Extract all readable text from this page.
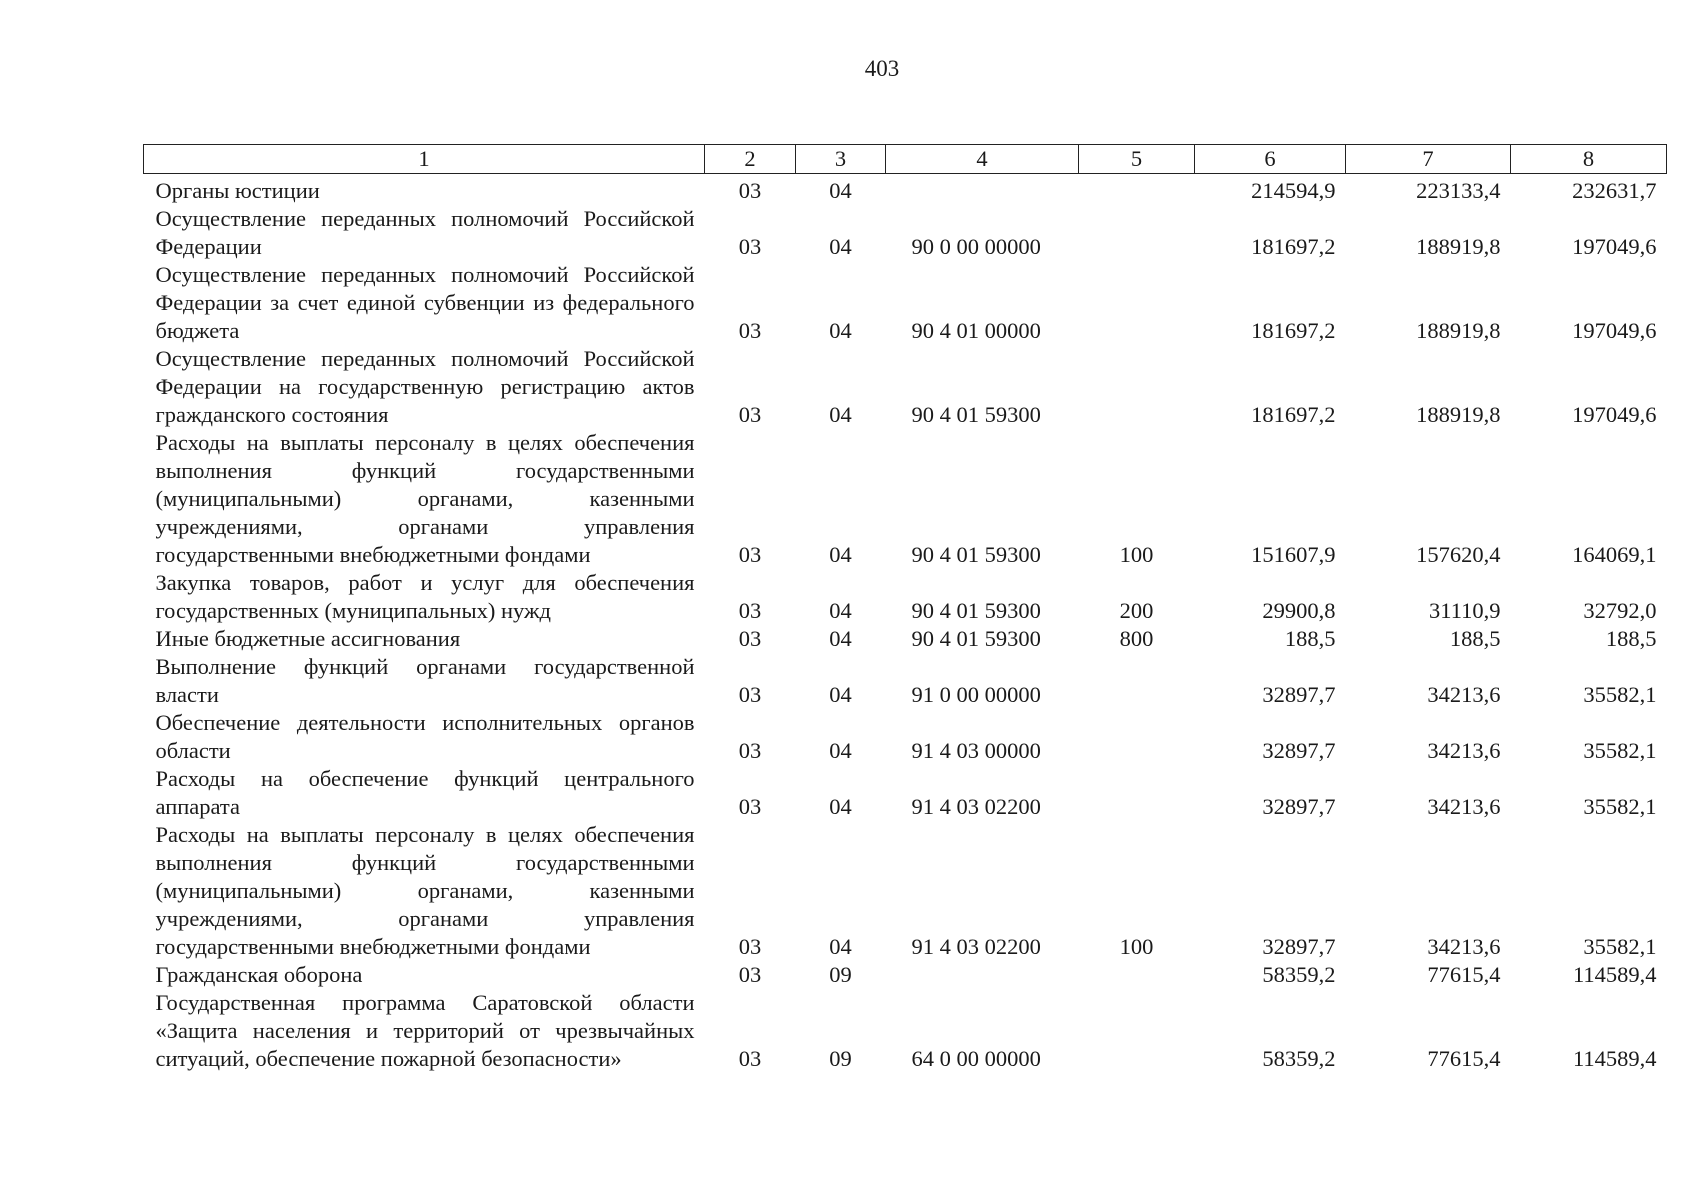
403
1	2	3	4	5	6	7	8
Органы юстиции	03	04			214594,9	223133,4	232631,7
Осуществление переданных полномочий Российской Федерации	03	04	90 0 00 00000		181697,2	188919,8	197049,6
Осуществление переданных полномочий Российской Федерации за счет единой субвенции из федерального бюджета	03	04	90 4 01 00000		181697,2	188919,8	197049,6
Осуществление переданных полномочий Российской Федерации на государственную регистрацию актов гражданского состояния	03	04	90 4 01 59300		181697,2	188919,8	197049,6
Расходы на выплаты персоналу в целях обеспечения выполнения функций государственными (муниципальными) органами, казенными учреждениями, органами управления государственными внебюджетными фондами	03	04	90 4 01 59300	100	151607,9	157620,4	164069,1
Закупка товаров, работ и услуг для обеспечения государственных (муниципальных) нужд	03	04	90 4 01 59300	200	29900,8	31110,9	32792,0
Иные бюджетные ассигнования	03	04	90 4 01 59300	800	188,5	188,5	188,5
Выполнение функций органами государственной власти	03	04	91 0 00 00000		32897,7	34213,6	35582,1
Обеспечение деятельности исполнительных органов области	03	04	91 4 03 00000		32897,7	34213,6	35582,1
Расходы на обеспечение функций центрального аппарата	03	04	91 4 03 02200		32897,7	34213,6	35582,1
Расходы на выплаты персоналу в целях обеспечения выполнения функций государственными (муниципальными) органами, казенными учреждениями, органами управления государственными внебюджетными фондами	03	04	91 4 03 02200	100	32897,7	34213,6	35582,1
Гражданская оборона	03	09			58359,2	77615,4	114589,4
Государственная программа Саратовской области «Защита населения и территорий от чрезвычайных ситуаций, обеспечение пожарной безопасности»	03	09	64 0 00 00000		58359,2	77615,4	114589,4
